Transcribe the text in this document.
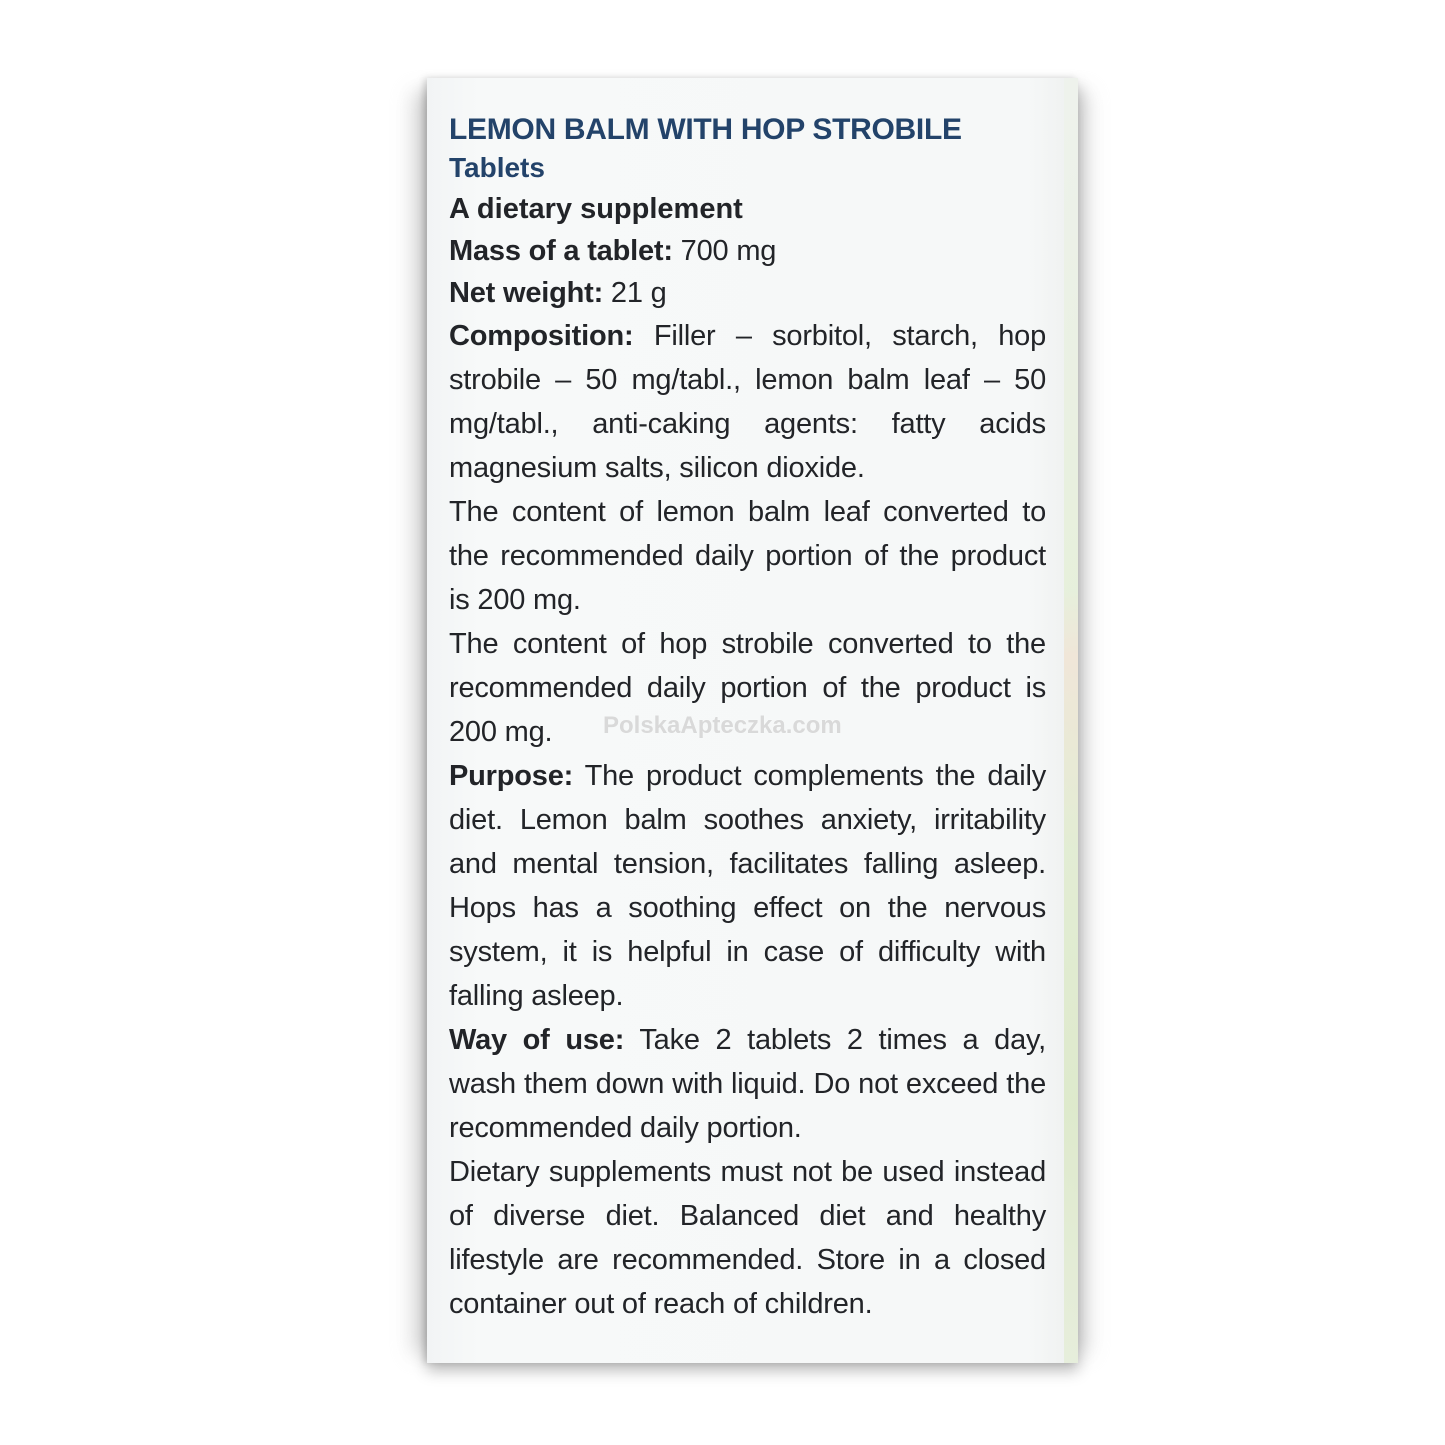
LEMON BALM WITH HOP STROBILE
Tablets
A dietary supplement
Mass of a tablet: 700 mg
Net weight: 21 g
Composition: Filler – sorbitol, starch, hop strobile – 50 mg/tabl., lemon balm leaf – 50 mg/tabl., anti-caking agents: fatty acids magnesium salts, silicon dioxide.
The content of lemon balm leaf converted to the recommended daily portion of the product is 200 mg.
The content of hop strobile converted to the recommended daily portion of the product is 200 mg.
Purpose: The product complements the daily diet. Lemon balm soothes anxiety, irritability and mental tension, facilitates falling asleep. Hops has a soothing effect on the nervous system, it is helpful in case of difficulty with falling asleep.
Way of use: Take 2 tablets 2 times a day, wash them down with liquid. Do not exceed the recommended daily portion.
Dietary supplements must not be used instead of diverse diet. Balanced diet and healthy lifestyle are recommended. Store in a closed container out of reach of children.
PolskaApteczka.com
